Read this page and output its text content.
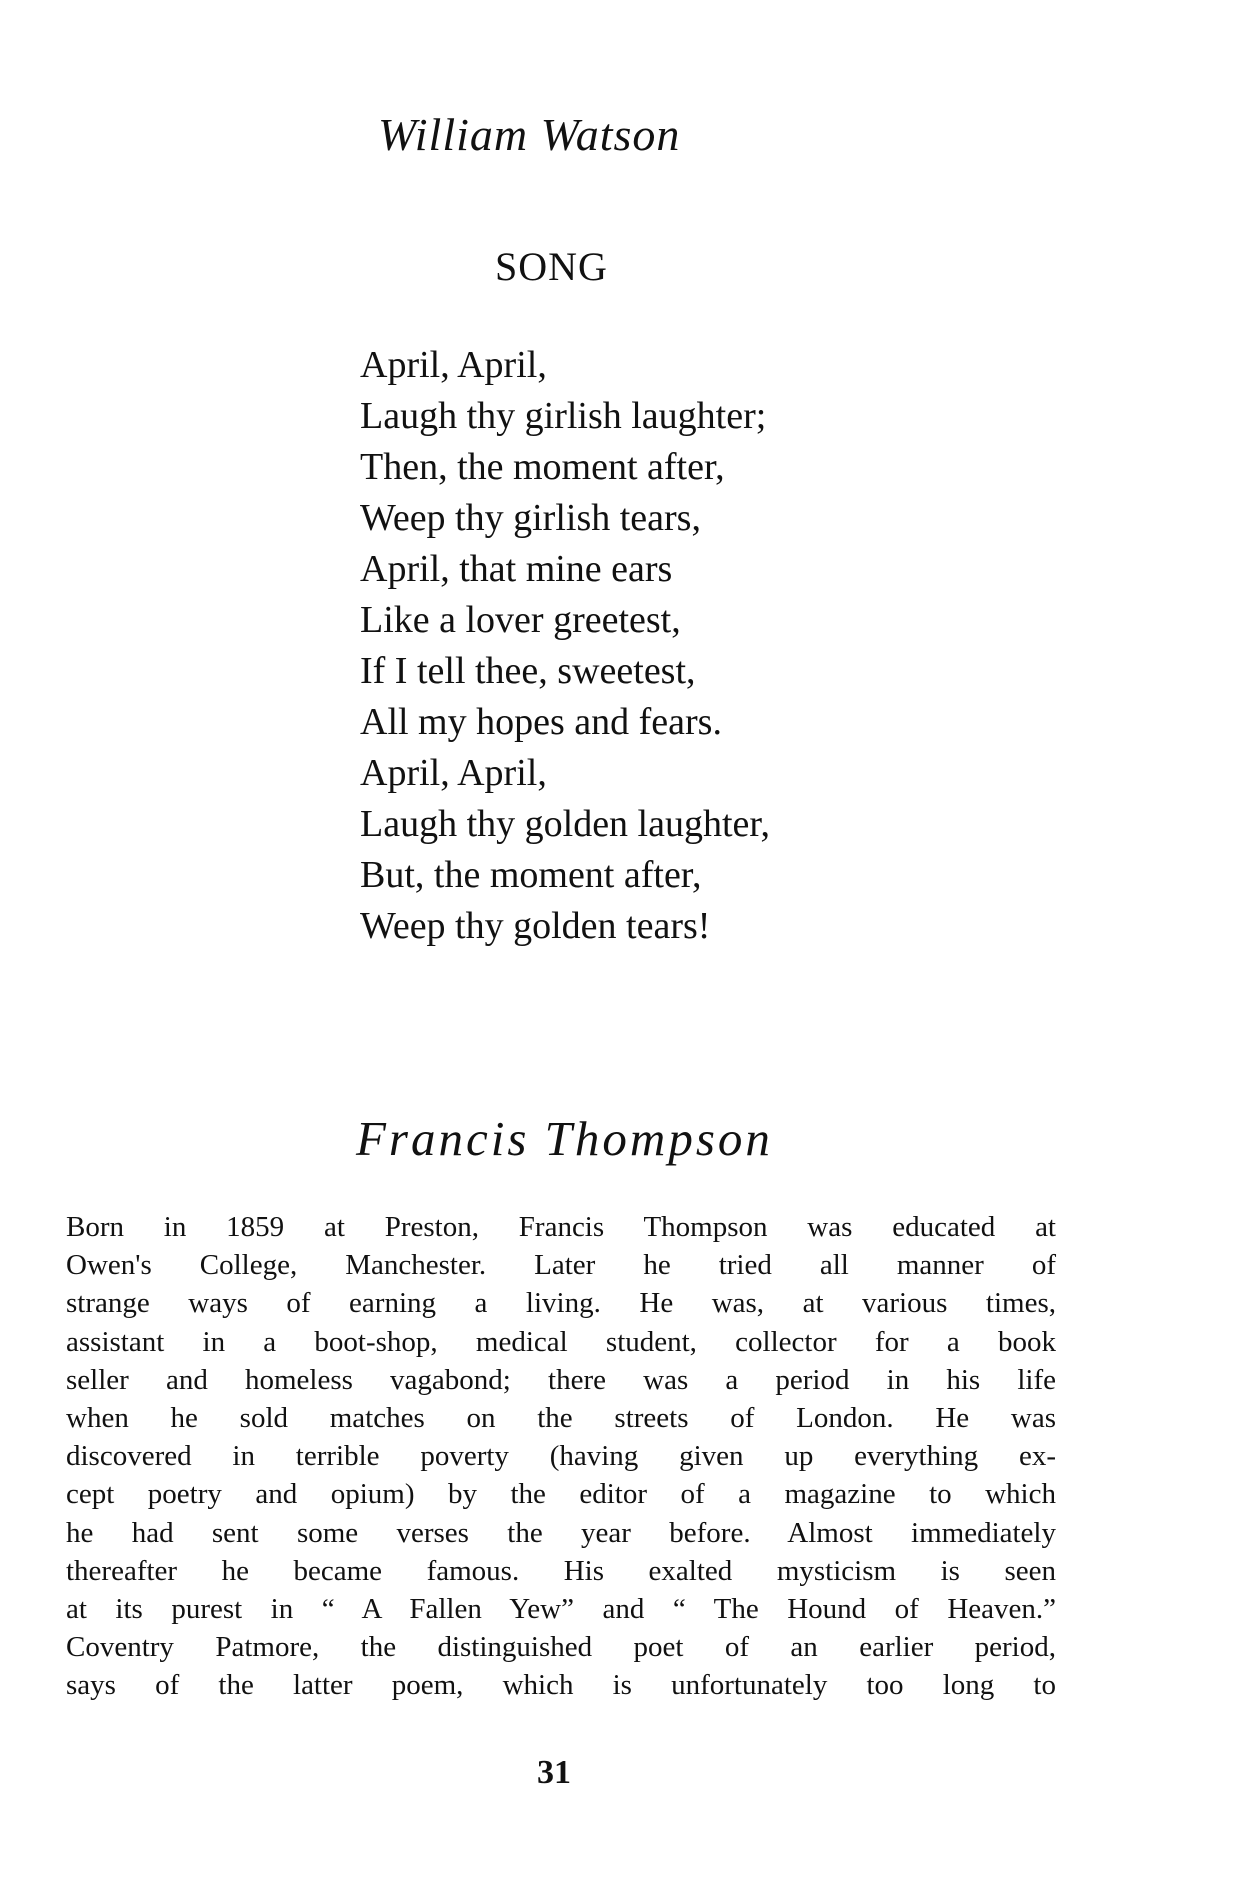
William Watson
SONG
April, April,
Laugh thy girlish laughter;
Then, the moment after,
Weep thy girlish tears,
April, that mine ears
Like a lover greetest,
If I tell thee, sweetest,
All my hopes and fears.
April, April,
Laugh thy golden laughter,
But, the moment after,
Weep thy golden tears!
Francis Thompson
Born in 1859 at Preston, Francis Thompson was educated at
Owen's College, Manchester. Later he tried all manner of
strange ways of earning a living. He was, at various times,
assistant in a boot-shop, medical student, collector for a book
seller and homeless vagabond; there was a period in his life
when he sold matches on the streets of London. He was
discovered in terrible poverty (having given up everything ex-
cept poetry and opium) by the editor of a magazine to which
he had sent some verses the year before. Almost immediately
thereafter he became famous. His exalted mysticism is seen
at its purest in “ A Fallen Yew” and “ The Hound of Heaven.”
Coventry Patmore, the distinguished poet of an earlier period,
says of the latter poem, which is unfortunately too long to
31
